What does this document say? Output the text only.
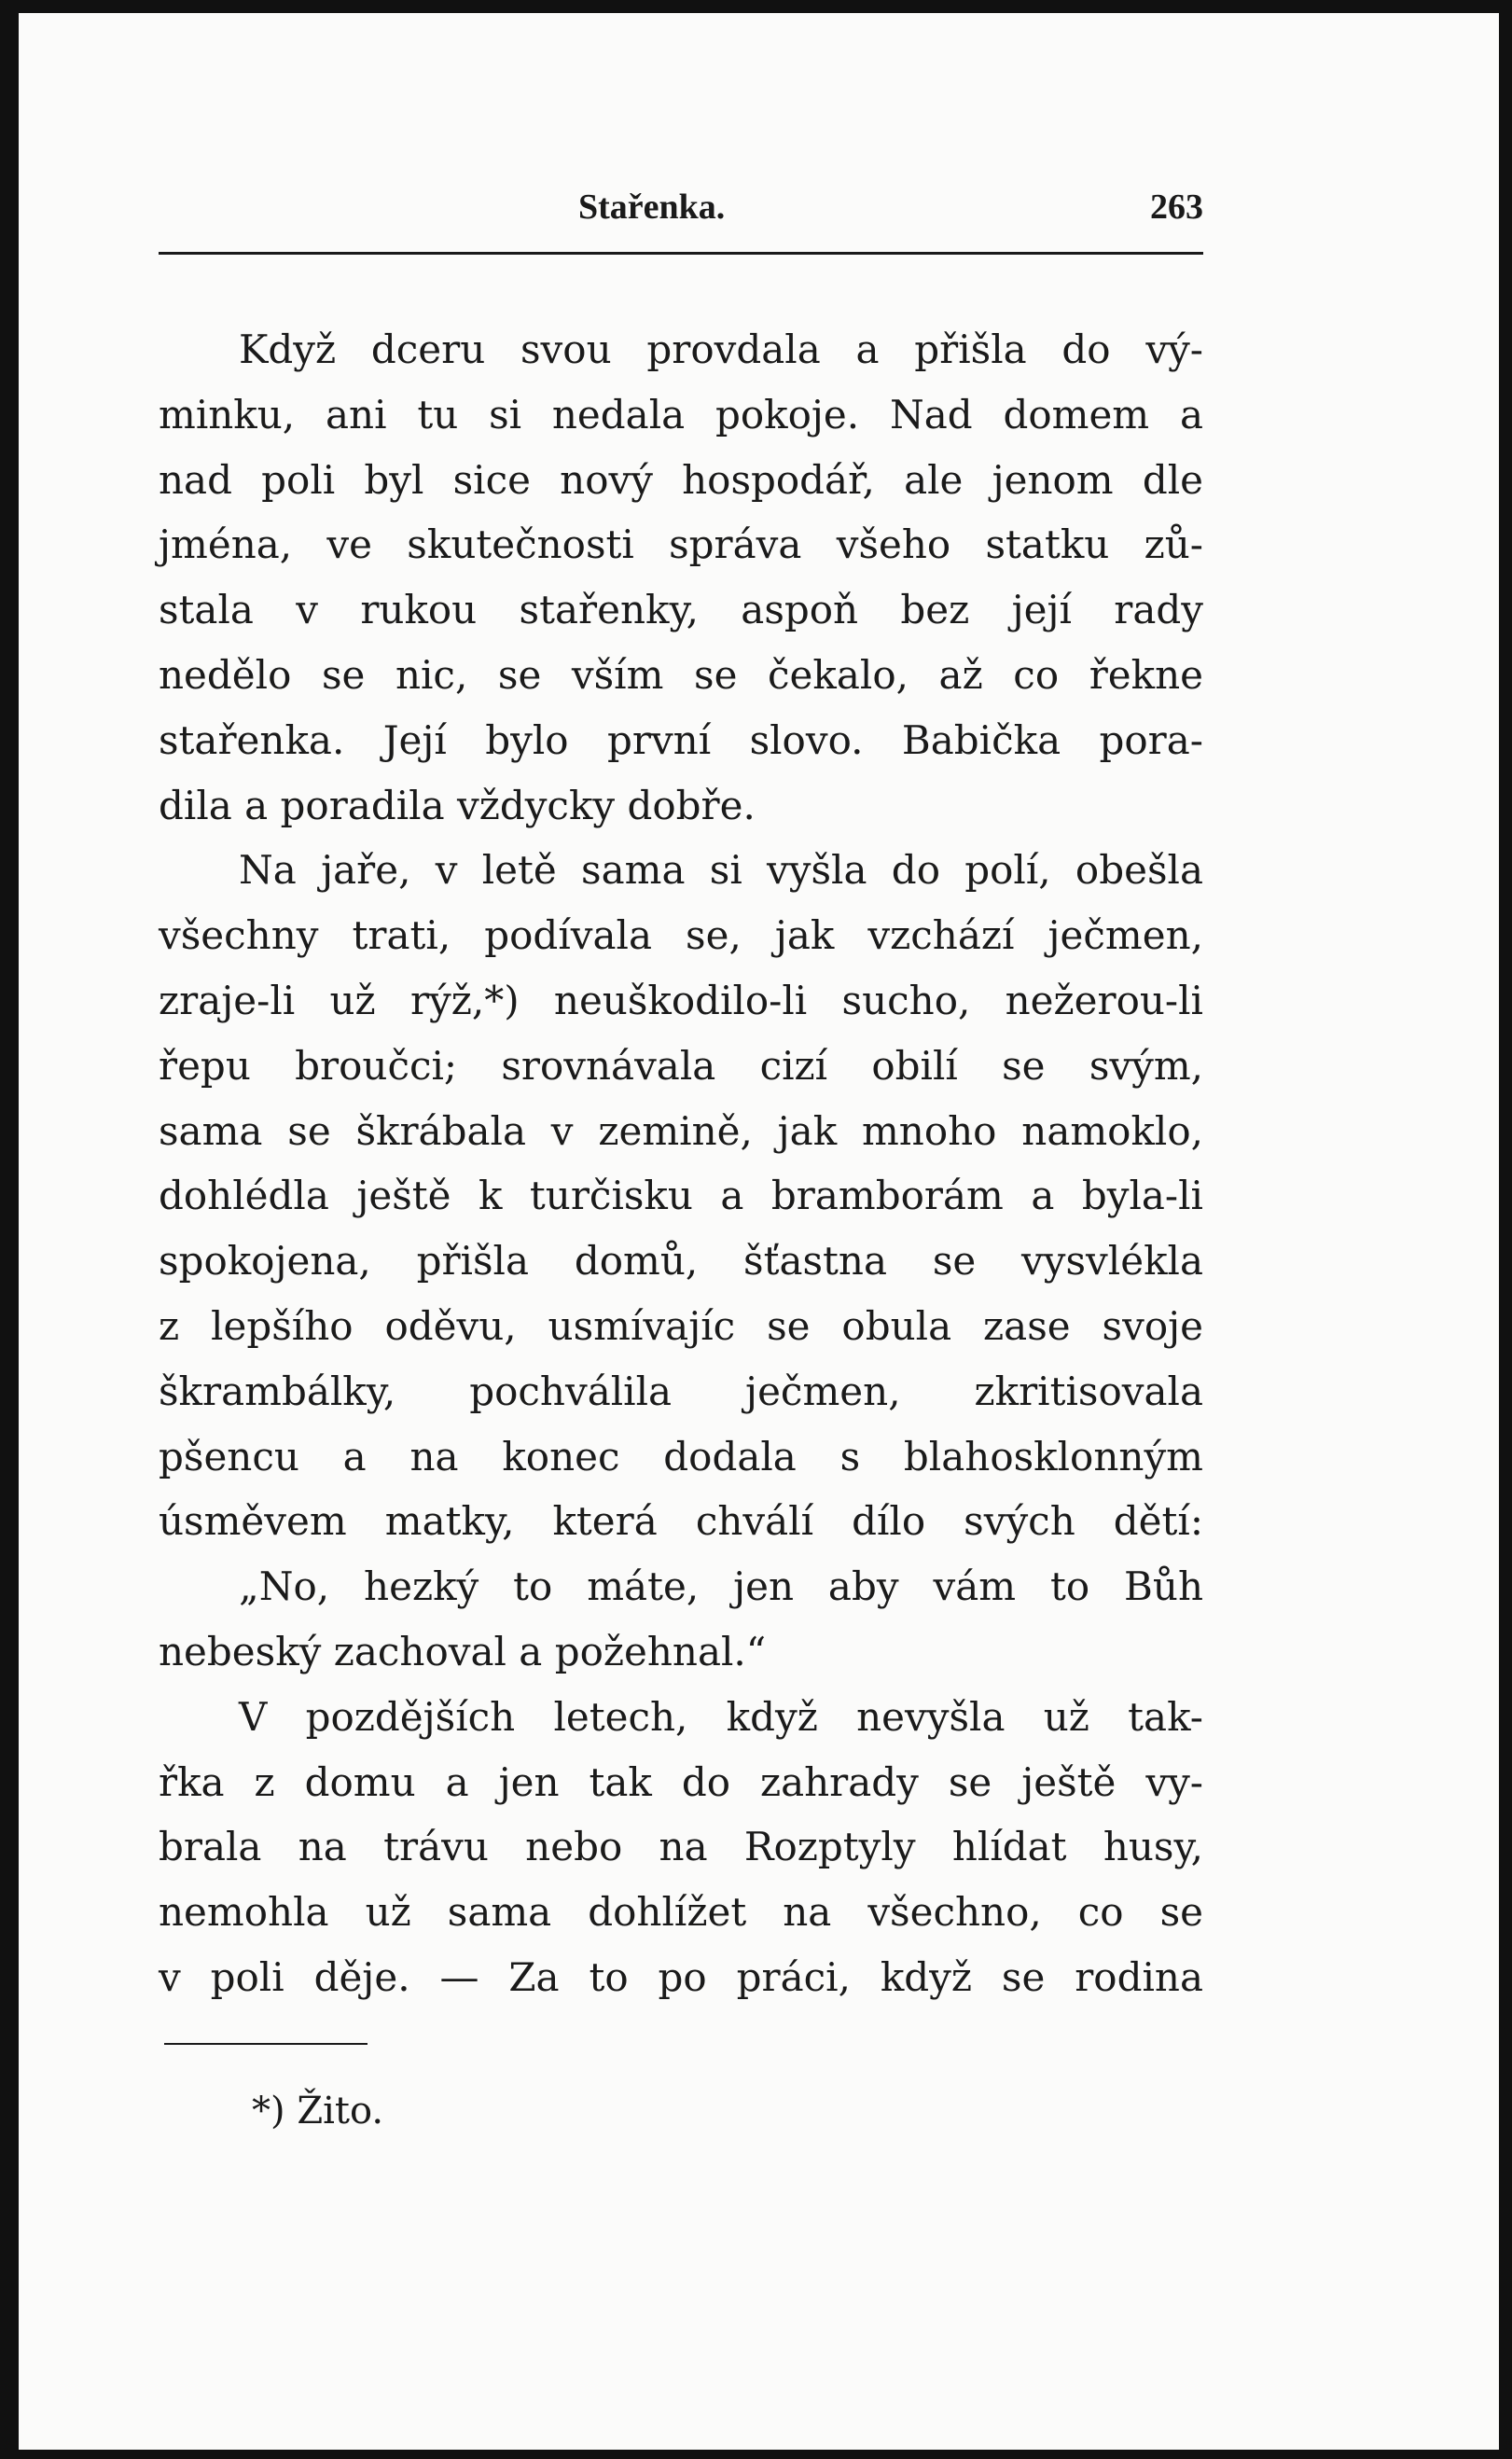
Stařenka.	263
Když dceru svou provdala a přišla do vý-
minku, ani tu si nedala pokoje. Nad domem a
nad poli byl sice nový hospodář, ale jenom dle
jména, ve skutečnosti správa všeho statku zů-
stala v rukou stařenky, aspoň bez její rady
nedělo se nic, se vším se čekalo, až co řekne
stařenka. Její bylo první slovo. Babička pora-
dila a poradila vždycky dobře.
Na jaře, v letě sama si vyšla do polí, obešla
všechny trati, podívala se, jak vzchází ječmen,
zraje-li už rýž,*) neuškodilo-li sucho, nežerou-li
řepu broučci; srovnávala cizí obilí se svým,
sama se škrábala v zemině, jak mnoho namoklo,
dohlédla ještě k turčisku a bramborám a byla-li
spokojena, přišla domů, šťastna se vysvlékla
z lepšího oděvu, usmívajíc se obula zase svoje
škrambálky, pochválila ječmen, zkritisovala
pšencu a na konec dodala s blahosklonným
úsměvem matky, která chválí dílo svých dětí:
„No, hezký to máte, jen aby vám to Bůh
nebeský zachoval a požehnal.“
V pozdějších letech, když nevyšla už tak-
řka z domu a jen tak do zahrady se ještě vy-
brala na trávu nebo na Rozptyly hlídat husy,
nemohla už sama dohlížet na všechno, co se
v poli děje. — Za to po práci, když se rodina
*) Žito.
